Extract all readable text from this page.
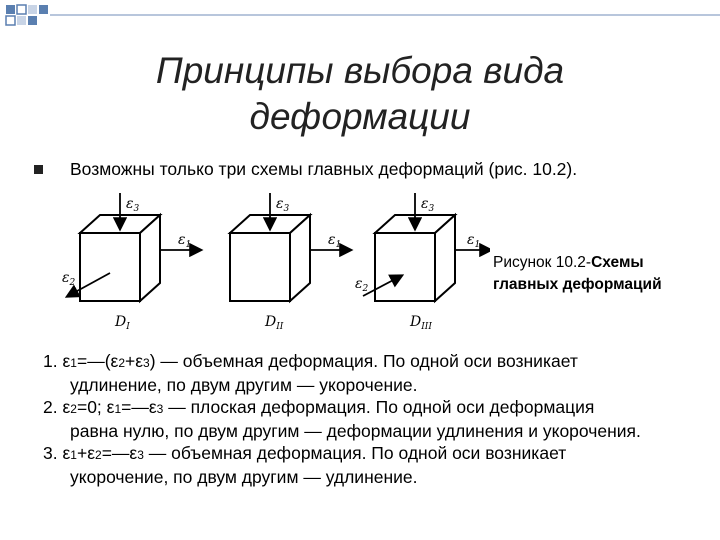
Принципы выбора вида
деформации
Возможны только три схемы главных деформаций (рис. 10.2).
$\varepsilon_3$
$\varepsilon_1$
$\varepsilon_2$
$D_I$
$\varepsilon_3$
$\varepsilon_1$
$D_{II}$
$\varepsilon_3$
$\varepsilon_1$
$\varepsilon_2$
$D_{III}$
Рисунок 10.2-Схемы
главных деформаций

1. ε1=—(ε2+ε3) — объемная деформация. По одной оси возникает
удлинение, по двум другим — укорочение.

2. ε2=0; ε1=—ε3 — плоская деформация. По одной оси деформация
равна нулю, по двум другим — деформации удлинения и укорочения.

3. ε1+ε2=—ε3 — объемная деформация. По одной оси возникает
укорочение, по двум другим — удлинение.
